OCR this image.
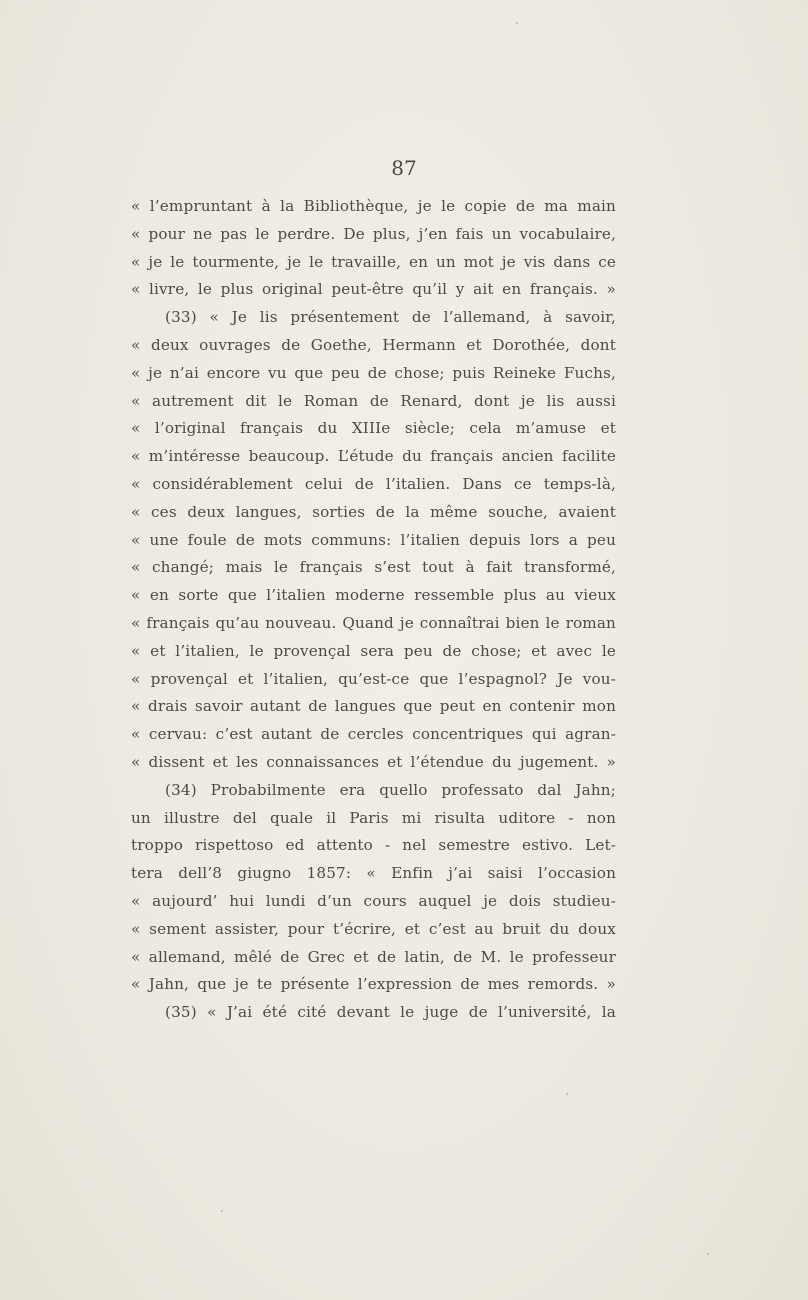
87
« l’empruntant à la Bibliothèque, je le copie de ma main
« pour ne pas le perdre. De plus, j’en fais un vocabulaire,
« je le tourmente, je le travaille, en un mot je vis dans ce
« livre, le plus original peut-être qu’il y ait en français. »
(33) « Je lis présentement de l’allemand, à savoir,
« deux ouvrages de Goethe, Hermann et Dorothée, dont
« je n’ai encore vu que peu de chose; puis Reineke Fuchs,
« autrement dit le Roman de Renard, dont je lis aussi
« l’original français du XIIIe siècle; cela m’amuse et
« m’intéresse beaucoup. L’étude du français ancien facilite
« considérablement celui de l’italien. Dans ce temps-là,
« ces deux langues, sorties de la même souche, avaient
« une foule de mots communs: l’italien depuis lors a peu
« changé; mais le français s’est tout à fait transformé,
« en sorte que l’italien moderne ressemble plus au vieux
« français qu’au nouveau. Quand je connaîtrai bien le roman
« et l’italien, le provençal sera peu de chose; et avec le
« provençal et l’italien, qu’est-ce que l’espagnol? Je vou-
« drais savoir autant de langues que peut en contenir mon
« cervau: c’est autant de cercles concentriques qui agran-
« dissent et les connaissances et l’étendue du jugement. »
(34) Probabilmente era quello professato dal Jahn;
un illustre del quale il Paris mi risulta uditore - non
troppo rispettoso ed attento - nel semestre estivo. Let-
tera dell’8 giugno 1857: « Enfin j’ai saisi l’occasion
« aujourd’ hui lundi d’un cours auquel je dois studieu-
« sement assister, pour t’écrire, et c’est au bruit du doux
« allemand, mêlé de Grec et de latin, de M. le professeur
« Jahn, que je te présente l’expression de mes remords. »
(35) « J’ai été cité devant le juge de l’université, la
